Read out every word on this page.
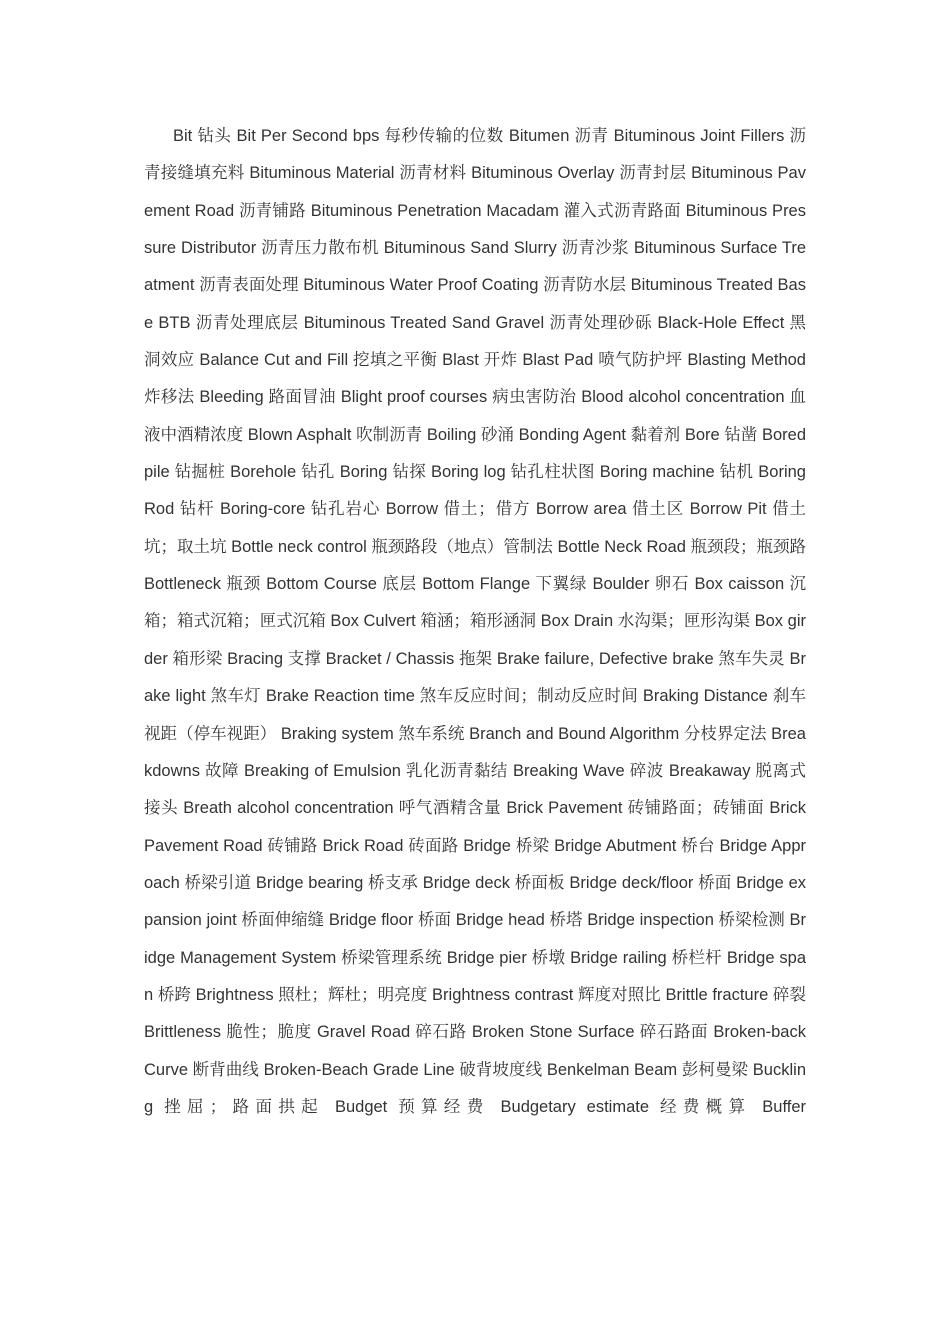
Bit 钻头 Bit Per Second bps 每秒传输的位数 Bitumen 沥青 Bituminous Joint Fillers 沥青接缝填充料 Bituminous Material 沥青材料 Bituminous Overlay 沥青封层 Bituminous Pavement Road 沥青铺路 Bituminous Penetration Macadam 灌入式沥青路面 Bituminous Pressure Distributor 沥青压力散布机 Bituminous Sand Slurry 沥青沙浆 Bituminous Surface Treatment 沥青表面处理 Bituminous Water Proof Coating 沥青防水层 Bituminous Treated Base BTB 沥青处理底层 Bituminous Treated Sand Gravel 沥青处理砂砾 Black-Hole Effect 黑洞效应 Balance Cut and Fill 挖填之平衡 Blast 开炸 Blast Pad 喷气防护坪 Blasting Method 炸移法 Bleeding 路面冒油 Blight proof courses 病虫害防治 Blood alcohol concentration 血液中酒精浓度 Blown Asphalt 吹制沥青 Boiling 砂涌 Bonding Agent 黏着剂 Bore 钻凿 Bored pile 钻掘桩 Borehole 钻孔 Boring 钻探 Boring log 钻孔柱状图 Boring machine 钻机 Boring Rod 钻杆 Boring-core 钻孔岩心 Borrow 借土；借方 Borrow area 借土区 Borrow Pit 借土坑；取土坑 Bottle neck control 瓶颈路段（地点）管制法 Bottle Neck Road 瓶颈段；瓶颈路 Bottleneck 瓶颈 Bottom Course 底层 Bottom Flange 下翼绿 Boulder 卵石 Box caisson 沉箱；箱式沉箱；匣式沉箱 Box Culvert 箱涵；箱形涵洞 Box Drain 水沟渠；匣形沟渠 Box girder 箱形梁 Bracing 支撑 Bracket / Chassis 拖架 Brake failure, Defective brake 煞车失灵 Brake light 煞车灯 Brake Reaction time 煞车反应时间；制动反应时间 Braking Distance 刹车视距（停车视距） Braking system 煞车系统 Branch and Bound Algorithm 分枝界定法 Breakdowns 故障 Breaking of Emulsion 乳化沥青黏结 Breaking Wave 碎波 Breakaway 脱离式接头 Breath alcohol concentration 呼气酒精含量 Brick Pavement 砖铺路面；砖铺面 Brick Pavement Road 砖铺路 Brick Road 砖面路 Bridge 桥梁 Bridge Abutment 桥台 Bridge Approach 桥梁引道 Bridge bearing 桥支承 Bridge deck 桥面板 Bridge deck/floor 桥面 Bridge expansion joint 桥面伸缩缝 Bridge floor 桥面 Bridge head 桥塔 Bridge inspection 桥梁检测 Bridge Management System 桥梁管理系统 Bridge pier 桥墩 Bridge railing 桥栏杆 Bridge span 桥跨 Brightness 照杜；辉杜；明亮度 Brightness contrast 辉度对照比 Brittle fracture 碎裂 Brittleness 脆性；脆度 Gravel Road 碎石路 Broken Stone Surface 碎石路面 Broken-back Curve 断背曲线 Broken-Beach Grade Line 破背坡度线 Benkelman Beam 彭柯曼梁 Buckling 挫屈；路面拱起 Budget 预算经费 Budgetary estimate 经费概算 Buffer
